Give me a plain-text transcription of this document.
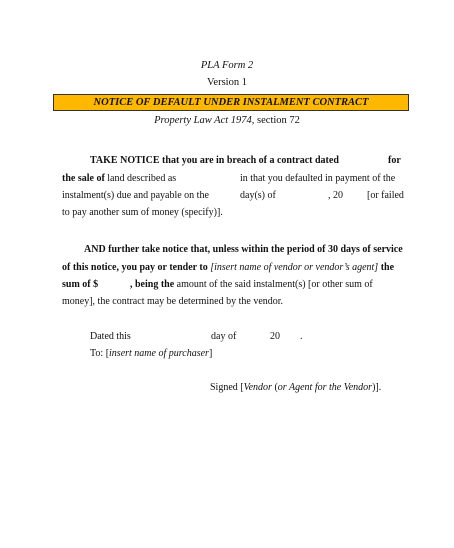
PLA Form 2
Version 1
NOTICE OF DEFAULT UNDER INSTALMENT CONTRACT
Property Law Act 1974, section 72
TAKE NOTICE that you are in breach of a contract dated	for
the sale of land described as	in that you defaulted in payment of the
instalment(s) due and payable on the	day(s) of	, 20 [or failed
to pay another sum of money (specify)].
AND further take notice that, unless within the period of 30 days of service
of this notice, you pay or tender to [insert name of vendor or vendor’s agent] the
sum of $	, being the amount of the said instalment(s) [or other sum of
money], the contract may be determined by the vendor.
Dated this	day of	20 .
To: [insert name of purchaser]
Signed [Vendor (or Agent for the Vendor)].
